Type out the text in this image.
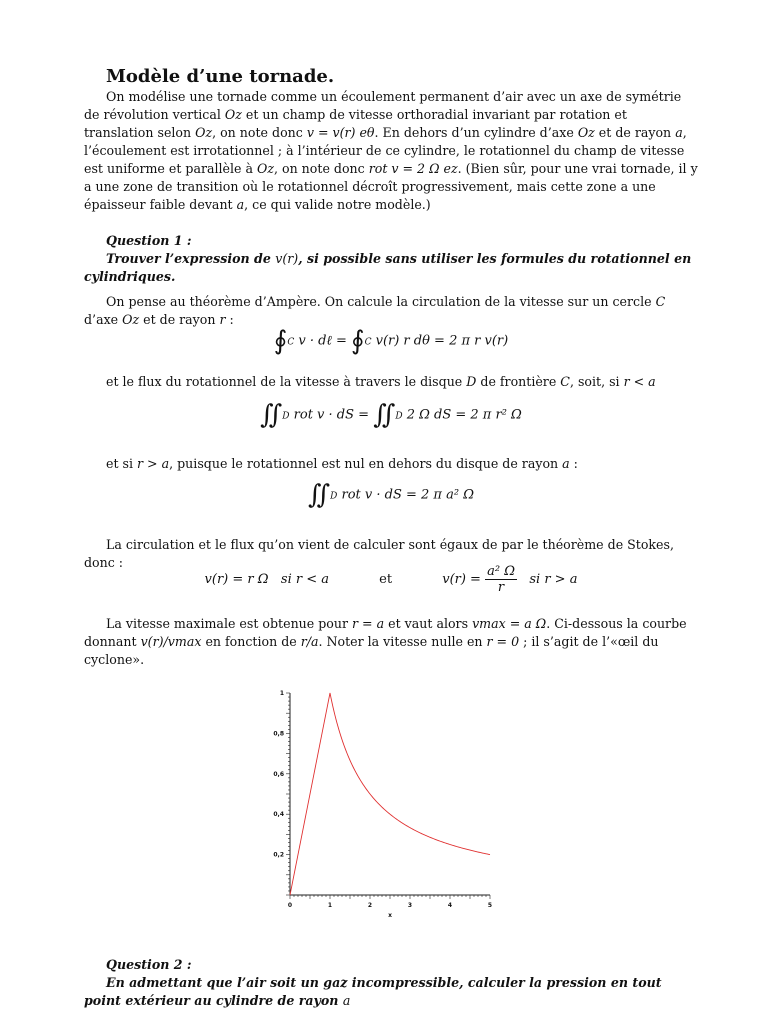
Modèle d’une tornade.

On modélise une tornade comme un écoulement permanent d’air avec un axe de symétrie de révolution vertical Oz et un champ de vitesse orthoradial invariant par rotation et translation selon Oz, on note donc v = v(r) eθ. En dehors d’un cylindre d’axe Oz et de rayon a, l’écoulement est irrotationnel ; à l’intérieur de ce cylindre, le rotationnel du champ de vitesse est uniforme et parallèle à Oz, on note donc rot v = 2 Ω ez. (Bien sûr, pour une vrai tornade, il y a une zone de transition où le rotationnel décroît progressivement, mais cette zone a une épaisseur faible devant a, ce qui valide notre modèle.)

Question 1 :
Trouver l’expression de v(r), si possible sans utiliser les formules du rotationnel en cylindriques.

On pense au théorème d’Ampère. On calcule la circulation de la vitesse sur un cercle C d’axe Oz et de rayon r :

∮C v · dℓ = ∮C v(r) r dθ = 2 π r v(r)

et le flux du rotationnel de la vitesse à travers le disque D de frontière C, soit, si r < a

∬D rot v · dS = ∬D 2 Ω dS = 2 π r² Ω

et si r > a, puisque le rotationnel est nul en dehors du disque de rayon a :

∬D rot v · dS = 2 π a² Ω

La circulation et le flux qu’on vient de calculer sont égaux de par le théorème de Stokes, donc :

v(r) = r Ω si r < a	et	$v(r) = \frac{\text{a² Ω}}{r}$ si r > a

La vitesse maximale est obtenue pour r = a et vaut alors vmax = a Ω. Ci-dessous la courbe donnant v(r)/vmax en fonction de r/a. Noter la vitesse nulle en r = 0 ; il s’agit de l’«œil du cyclone».

0	1	2	3	4	5
0,2
0,4
0,6
0,8
1
x
Question 2 :
En admettant que l’air soit un gaz incompressible, calculer la pression en tout point extérieur au cylindre de rayon a
